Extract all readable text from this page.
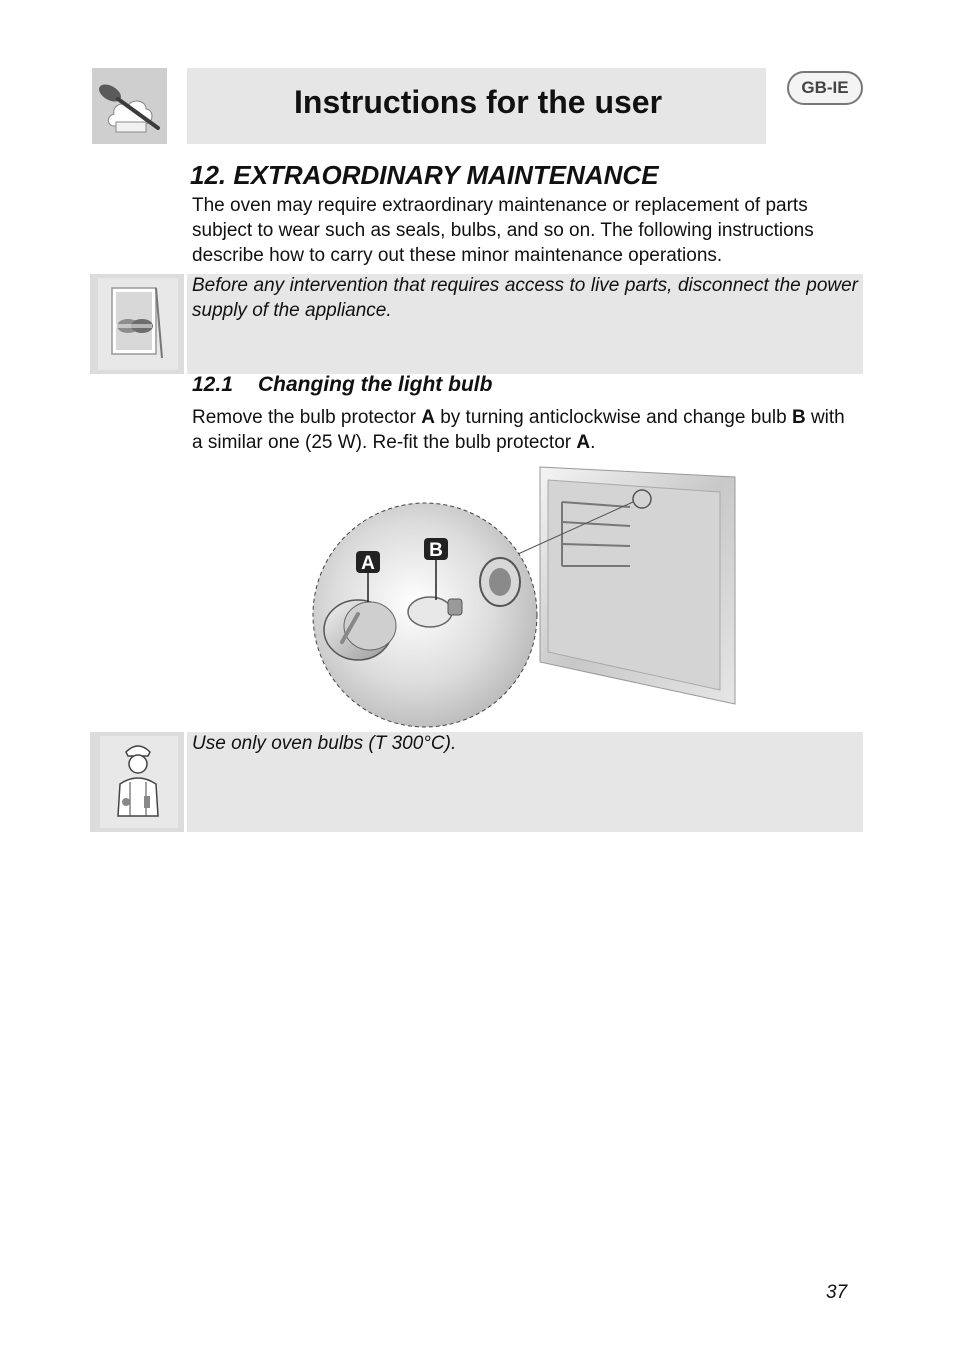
Instructions for the user	GB-IE
12. EXTRAORDINARY MAINTENANCE
The oven may require extraordinary maintenance or replacement of parts subject to wear such as seals, bulbs, and so on. The following instructions describe how to carry out these minor maintenance operations.
Before any intervention that requires access to live parts, disconnect the power supply of the appliance.
12.1 Changing the light bulb
Remove the bulb protector A by turning anticlockwise and change bulb B with a similar one (25 W). Re-fit the bulb protector A.
A
B
Use only oven bulbs (T 300°C).
37
